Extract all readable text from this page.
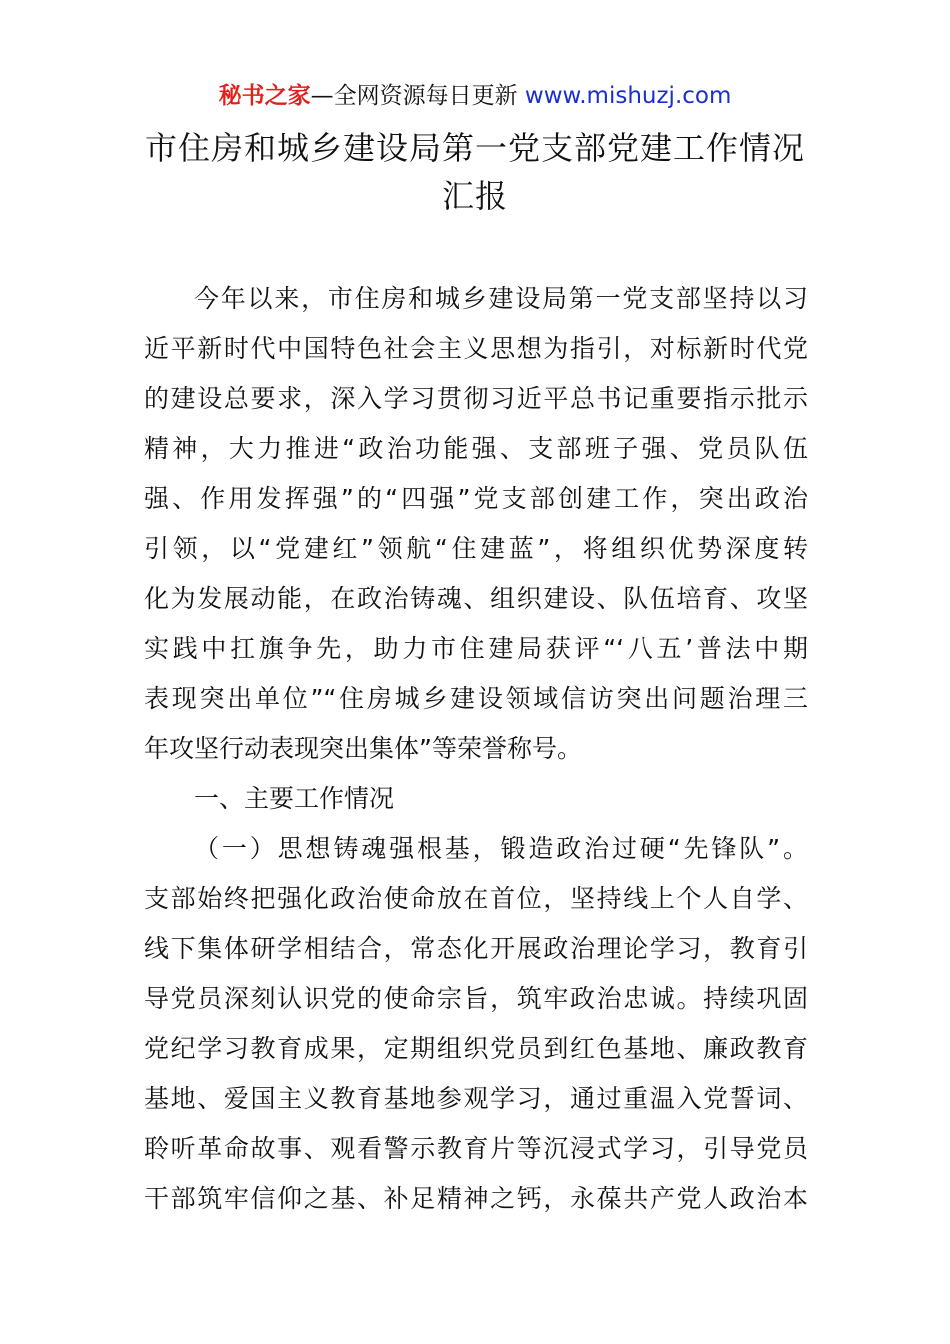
秘书之家—全网资源每日更新 www.mishuzj.com
市住房和城乡建设局第一党支部党建工作情况
汇报
今年以来，市住房和城乡建设局第一党支部坚持以习
近平新时代中国特色社会主义思想为指引，对标新时代党
的建设总要求，深入学习贯彻习近平总书记重要指示批示
精神，大力推进“政治功能强、支部班子强、党员队伍
强、作用发挥强”的“四强”党支部创建工作，突出政治
引领，以“党建红”领航“住建蓝”，将组织优势深度转
化为发展动能，在政治铸魂、组织建设、队伍培育、攻坚
实践中扛旗争先，助力市住建局获评“‘八五’普法中期
表现突出单位”“住房城乡建设领域信访突出问题治理三
年攻坚行动表现突出集体”等荣誉称号。
一、主要工作情况
（一）思想铸魂强根基，锻造政治过硬“先锋队”。
支部始终把强化政治使命放在首位，坚持线上个人自学、
线下集体研学相结合，常态化开展政治理论学习，教育引
导党员深刻认识党的使命宗旨，筑牢政治忠诚。持续巩固
党纪学习教育成果，定期组织党员到红色基地、廉政教育
基地、爱国主义教育基地参观学习，通过重温入党誓词、
聆听革命故事、观看警示教育片等沉浸式学习，引导党员
干部筑牢信仰之基、补足精神之钙，永葆共产党人政治本
